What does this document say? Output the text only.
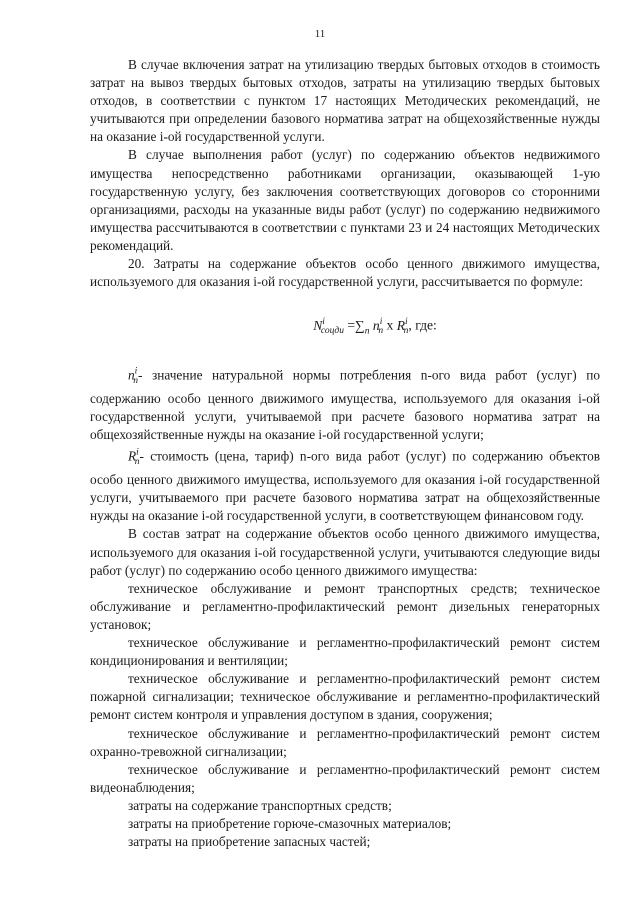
11

В случае включения затрат на утилизацию твердых бытовых отходов в стоимость затрат на вывоз твердых бытовых отходов, затраты на утилизацию твердых бытовых отходов, в соответствии с пунктом 17 настоящих Методических рекомендаций, не учитываются при определении базового норматива затрат на общехозяйственные нужды на оказание i-ой государственной услуги.

В случае выполнения работ (услуг) по содержанию объектов недвижимого имущества непосредственно работниками организации, оказывающей 1-ую государственную услугу, без заключения соответствующих договоров со сторонними организациями, расходы на указанные виды работ (услуг) по содержанию недвижимого имущества рассчитываются в соответствии с пунктами 23 и 24 настоящих Методических рекомендаций.

20. Затраты на содержание объектов особо ценного движимого имущества, используемого для оказания i-ой государственной услуги, рассчитывается по формуле:

$N^i_{соцди} =\sum_n$ $n^i_n$ x $R^i_n$, где:

$n^i_n-$ значение натуральной нормы потребления n-ого вида работ (услуг) по содержанию особо ценного движимого имущества, используемого для оказания i-ой государственной услуги, учитываемой при расчете базового норматива затрат на общехозяйственные нужды на оказание i-ой государственной услуги;

$R^i_n-$ стоимость (цена, тариф) n-ого вида работ (услуг) по содержанию объектов особо ценного движимого имущества, используемого для оказания i-ой государственной услуги, учитываемого при расчете базового норматива затрат на общехозяйственные нужды на оказание i-ой государственной услуги, в соответствующем финансовом году.

В состав затрат на содержание объектов особо ценного движимого имущества, используемого для оказания i-ой государственной услуги, учитываются следующие виды работ (услуг) по содержанию особо ценного движимого имущества:

техническое обслуживание и ремонт транспортных средств; техническое обслуживание и регламентно-профилактический ремонт дизельных генераторных установок;

техническое обслуживание и регламентно-профилактический ремонт систем кондиционирования и вентиляции;

техническое обслуживание и регламентно-профилактический ремонт систем пожарной сигнализации; техническое обслуживание и регламентно-профилактический ремонт систем контроля и управления доступом в здания, сооружения;

техническое обслуживание и регламентно-профилактический ремонт систем охранно-тревожной сигнализации;

техническое обслуживание и регламентно-профилактический ремонт систем видеонаблюдения;

затраты на содержание транспортных средств;

затраты на приобретение горюче-смазочных материалов;

затраты на приобретение запасных частей;
